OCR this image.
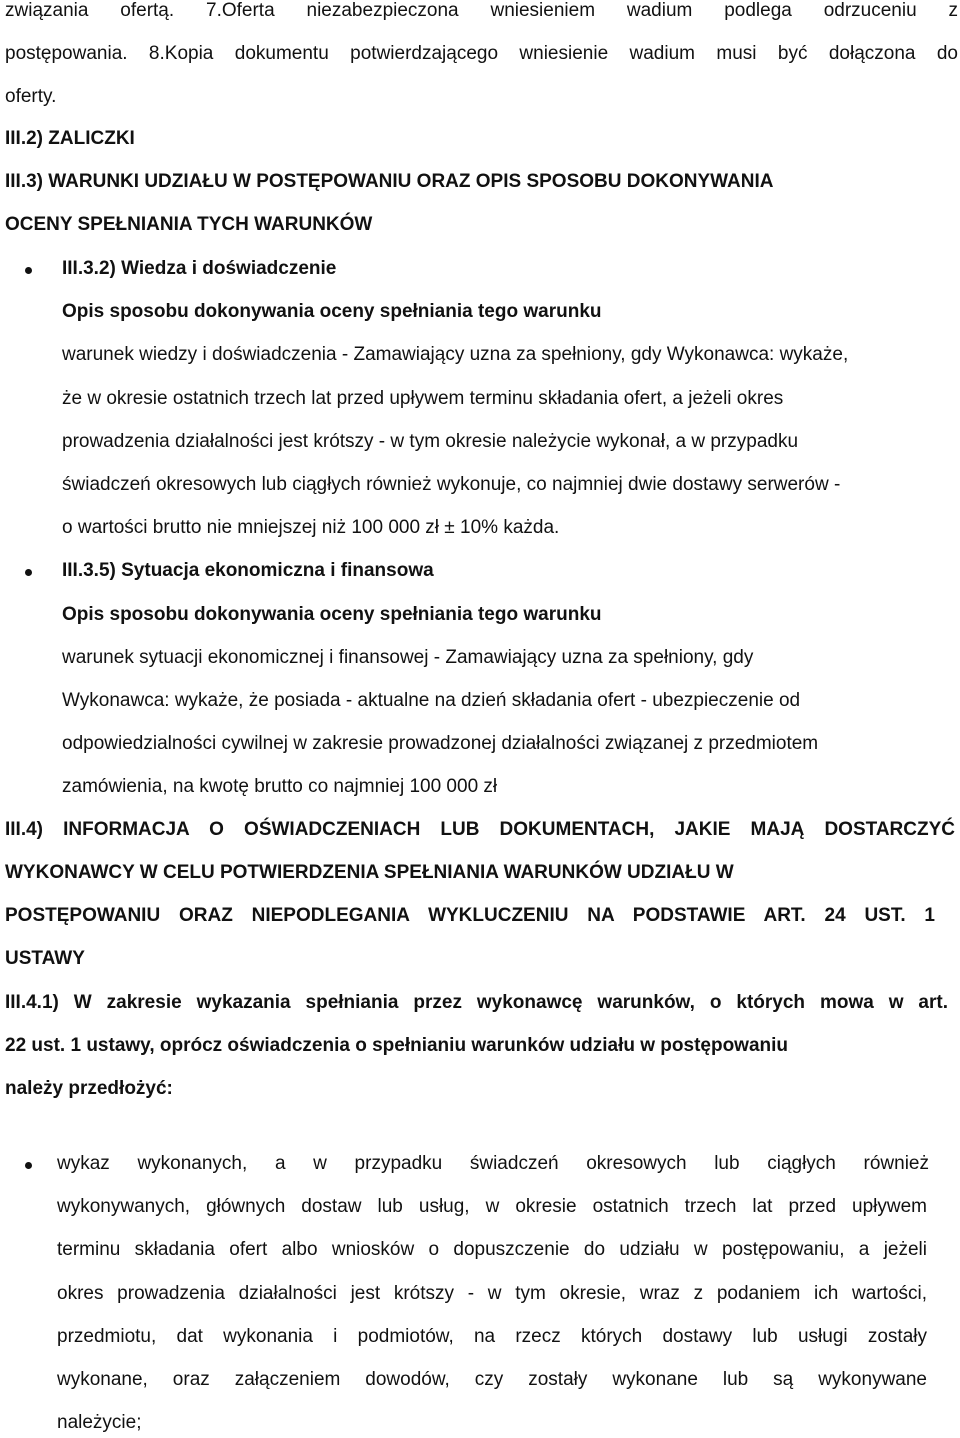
związania ofertą. 7.Oferta niezabezpieczona wniesieniem wadium podlega odrzuceniu z
postępowania. 8.Kopia dokumentu potwierdzającego wniesienie wadium musi być dołączona do
oferty.
III.2) ZALICZKI
III.3) WARUNKI UDZIAŁU W POSTĘPOWANIU ORAZ OPIS SPOSOBU DOKONYWANIA
OCENY SPEŁNIANIA TYCH WARUNKÓW
III.3.2) Wiedza i doświadczenie
Opis sposobu dokonywania oceny spełniania tego warunku
warunek wiedzy i doświadczenia - Zamawiający uzna za spełniony, gdy Wykonawca: wykaże,
że w okresie ostatnich trzech lat przed upływem terminu składania ofert, a jeżeli okres
prowadzenia działalności jest krótszy - w tym okresie należycie wykonał, a w przypadku
świadczeń okresowych lub ciągłych również wykonuje, co najmniej dwie dostawy serwerów -
o wartości brutto nie mniejszej niż 100 000 zł ± 10% każda.
III.3.5) Sytuacja ekonomiczna i finansowa
Opis sposobu dokonywania oceny spełniania tego warunku
warunek sytuacji ekonomicznej i finansowej - Zamawiający uzna za spełniony, gdy
Wykonawca: wykaże, że posiada - aktualne na dzień składania ofert - ubezpieczenie od
odpowiedzialności cywilnej w zakresie prowadzonej działalności związanej z przedmiotem
zamówienia, na kwotę brutto co najmniej 100 000 zł
III.4) INFORMACJA O OŚWIADCZENIACH LUB DOKUMENTACH, JAKIE MAJĄ DOSTARCZYĆ
WYKONAWCY W CELU POTWIERDZENIA SPEŁNIANIA WARUNKÓW UDZIAŁU W
POSTĘPOWANIU ORAZ NIEPODLEGANIA WYKLUCZENIU NA PODSTAWIE ART. 24 UST. 1
USTAWY
III.4.1) W zakresie wykazania spełniania przez wykonawcę warunków, o których mowa w art.
22 ust. 1 ustawy, oprócz oświadczenia o spełnianiu warunków udziału w postępowaniu
należy przedłożyć:
wykaz wykonanych, a w przypadku świadczeń okresowych lub ciągłych również
wykonywanych, głównych dostaw lub usług, w okresie ostatnich trzech lat przed upływem
terminu składania ofert albo wniosków o dopuszczenie do udziału w postępowaniu, a jeżeli
okres prowadzenia działalności jest krótszy - w tym okresie, wraz z podaniem ich wartości,
przedmiotu, dat wykonania i podmiotów, na rzecz których dostawy lub usługi zostały
wykonane, oraz załączeniem dowodów, czy zostały wykonane lub są wykonywane
należycie;
